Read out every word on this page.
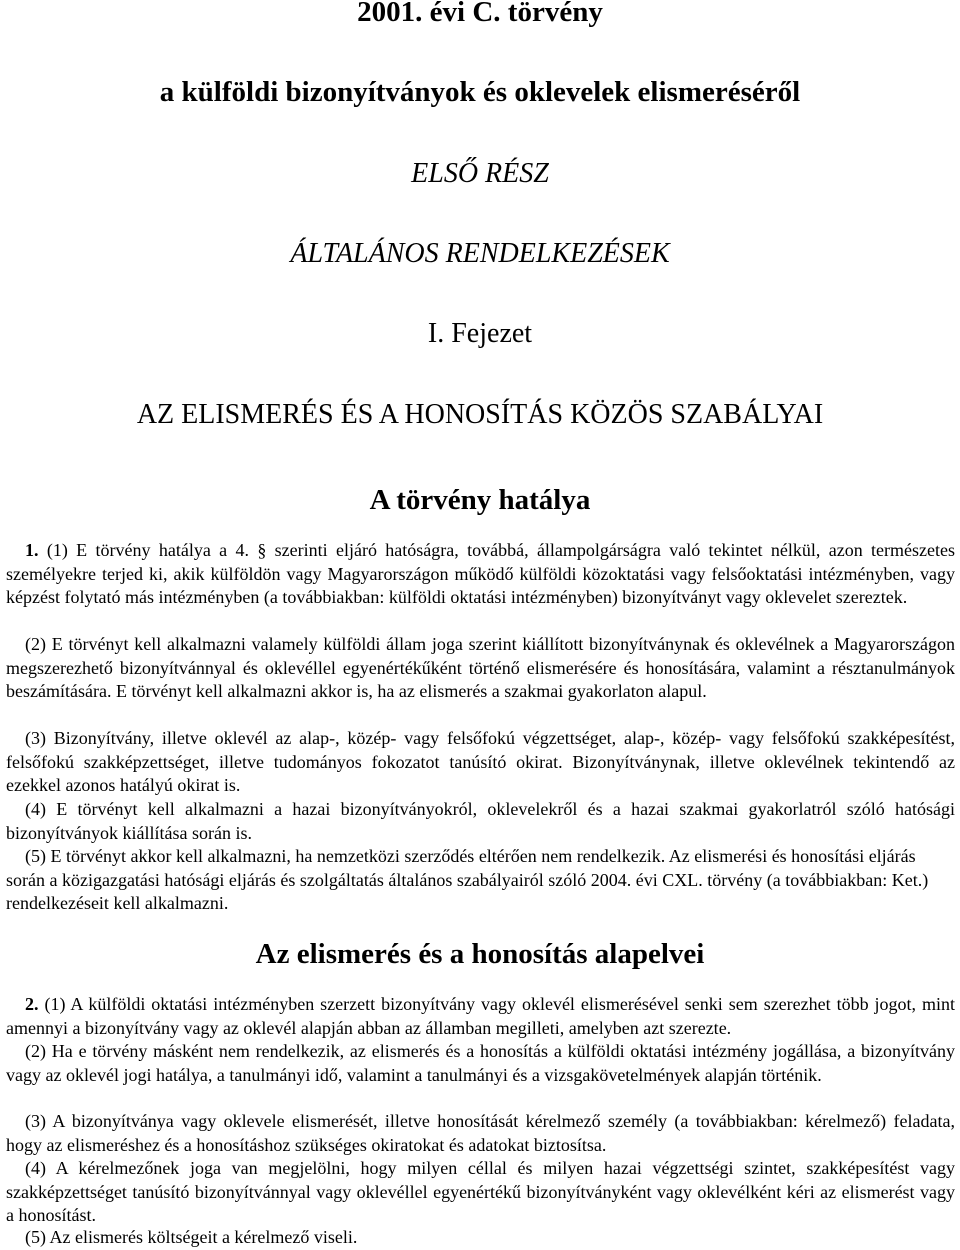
2001. évi C. törvény
a külföldi bizonyítványok és oklevelek elismeréséről
ELSŐ RÉSZ
ÁLTALÁNOS RENDELKEZÉSEK
I. Fejezet
AZ ELISMERÉS ÉS A HONOSÍTÁS KÖZÖS SZABÁLYAI
A törvény hatálya

1. (1) E törvény hatálya a 4. § szerinti eljáró hatóságra, továbbá, állampolgárságra való tekintet nélkül, azon természetes személyekre terjed ki, akik külföldön vagy Magyarországon működő külföldi közoktatási vagy felsőoktatási intézményben, vagy képzést folytató más intézményben (a továbbiakban: külföldi oktatási intézményben) bizonyítványt vagy oklevelet szereztek.

(2) E törvényt kell alkalmazni valamely külföldi állam joga szerint kiállított bizonyítványnak és oklevélnek a Magyarországon megszerezhető bizonyítvánnyal és oklevéllel egyenértékűként történő elismerésére és honosítására, valamint a résztanulmányok beszámítására. E törvényt kell alkalmazni akkor is, ha az elismerés a szakmai gyakorlaton alapul.

(3) Bizonyítvány, illetve oklevél az alap-, közép- vagy felsőfokú végzettséget, alap-, közép- vagy felsőfokú szakképesítést, felsőfokú szakképzettséget, illetve tudományos fokozatot tanúsító okirat. Bizonyítványnak, illetve oklevélnek tekintendő az ezekkel azonos hatályú okirat is.

(4) E törvényt kell alkalmazni a hazai bizonyítványokról, oklevelekről és a hazai szakmai gyakorlatról szóló hatósági bizonyítványok kiállítása során is.

(5) E törvényt akkor kell alkalmazni, ha nemzetközi szerződés eltérően nem rendelkezik. Az elismerési és honosítási eljárás során a közigazgatási hatósági eljárás és szolgáltatás általános szabályairól szóló 2004. évi CXL. törvény (a továbbiakban: Ket.) rendelkezéseit kell alkalmazni.

Az elismerés és a honosítás alapelvei

2. (1) A külföldi oktatási intézményben szerzett bizonyítvány vagy oklevél elismerésével senki sem szerezhet több jogot, mint amennyi a bizonyítvány vagy az oklevél alapján abban az államban megilleti, amelyben azt szerezte.

(2) Ha e törvény másként nem rendelkezik, az elismerés és a honosítás a külföldi oktatási intézmény jogállása, a bizonyítvány vagy az oklevél jogi hatálya, a tanulmányi idő, valamint a tanulmányi és a vizsgakövetelmények alapján történik.

(3) A bizonyítványa vagy oklevele elismerését, illetve honosítását kérelmező személy (a továbbiakban: kérelmező) feladata, hogy az elismeréshez és a honosításhoz szükséges okiratokat és adatokat biztosítsa.

(4) A kérelmezőnek joga van megjelölni, hogy milyen céllal és milyen hazai végzettségi szintet, szakképesítést vagy szakképzettséget tanúsító bizonyítvánnyal vagy oklevéllel egyenértékű bizonyítványként vagy oklevélként kéri az elismerést vagy a honosítást.

(5) Az elismerés költségeit a kérelmező viseli.
